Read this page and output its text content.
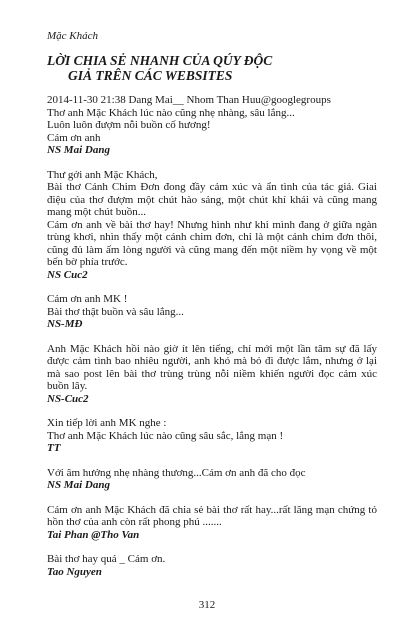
Mặc Khách
LỜI CHIA SẺ NHANH CỦA QÚY ĐỘC
GIẢ TRÊN CÁC WEBSITES

2014-11-30 21:38 Dang Mai__ Nhom Than Huu@googlegroups

Thơ anh Mặc Khách lúc nào cũng nhẹ nhàng, sâu lắng...

Luôn luôn đượm nỗi buồn cố hương!

Cám ơn anh

NS Mai Dang

Thư gởi anh Mặc Khách,

Bài thơ Cánh Chim Đơn đong đầy cảm xúc và ẩn tình của tác giả. Giai điệu của thơ đượm một chút hào sảng, một chút khí khái và cũng mang mang một chút buồn...

Cám ơn anh về bài thơ hay! Nhưng hình như khi mình đang ở giữa ngàn trùng khơi, nhìn thấy một cánh chim đơn, chỉ là một cánh chim đơn thôi, cũng đủ làm ấm lòng người và cũng mang đến một niềm hy vọng về một bến bờ phía trước.

NS Cuc2

Cảm ơn anh MK !

Bài thơ thật buồn và sâu lắng...

NS-MĐ

Anh Mặc Khách hồi nào giờ ít lên tiếng, chỉ mới một lần tâm sự đã lấy được cảm tình bao nhiêu người, anh khó mà bỏ đi được lắm, nhưng ở lại mà sao post lên bài thơ trùng trùng nỗi niềm khiến người đọc cảm xúc buồn lây.

NS-Cuc2

Xin tiếp lời anh MK nghe :

Thơ anh Mặc Khách lúc nào cũng sâu sắc, lắng mạn !

TT

Với âm hưởng nhẹ nhàng thương...Cám ơn anh đã cho đọc

NS Mai Dang

Cám ơn anh Mặc Khách đã chia sẻ bài thơ rất hay...rất lãng mạn chứng tỏ hồn thơ của anh còn rất phong phú .......

Tai Phan @Tho Van

Bài thơ hay quá _ Cám ơn.

Tao Nguyen

312
